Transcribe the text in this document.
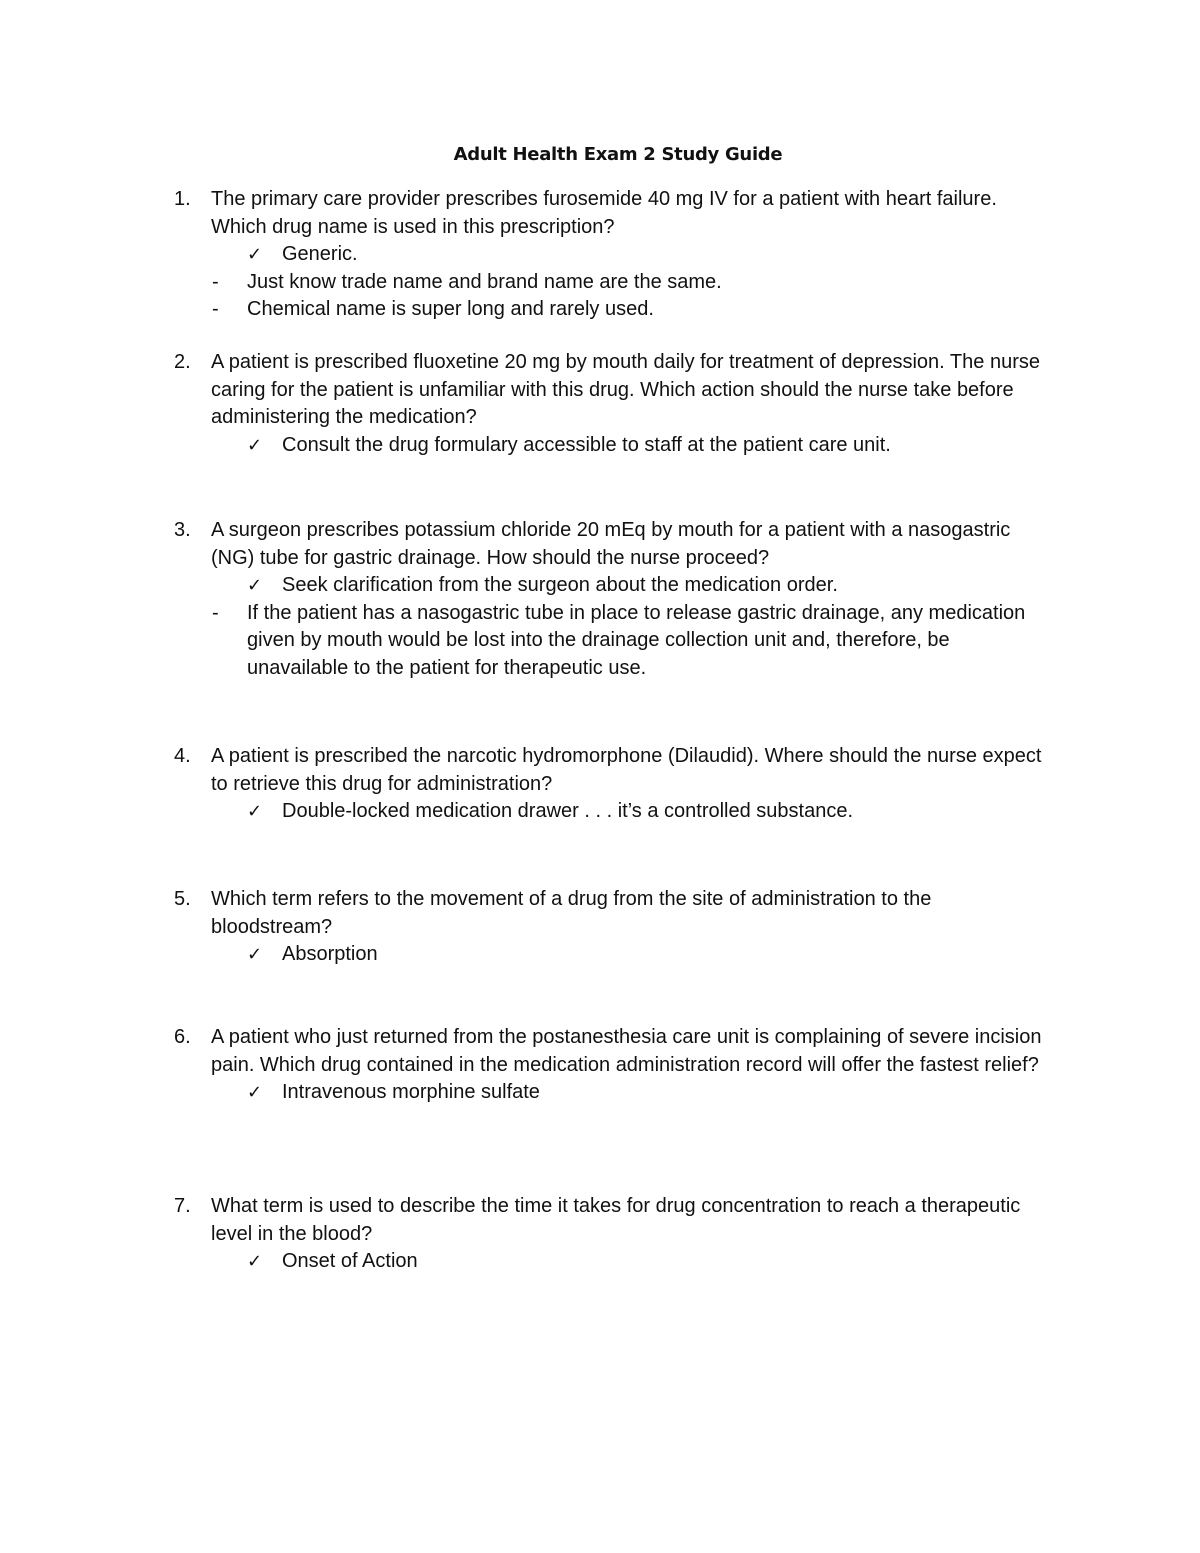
Adult Health Exam 2 Study Guide
1. The primary care provider prescribes furosemide 40 mg IV for a patient with heart failure. Which drug name is used in this prescription?
✓ Generic.
- Just know trade name and brand name are the same.
- Chemical name is super long and rarely used.
2. A patient is prescribed fluoxetine 20 mg by mouth daily for treatment of depression. The nurse caring for the patient is unfamiliar with this drug. Which action should the nurse take before administering the medication?
✓ Consult the drug formulary accessible to staff at the patient care unit.
3. A surgeon prescribes potassium chloride 20 mEq by mouth for a patient with a nasogastric (NG) tube for gastric drainage. How should the nurse proceed?
✓ Seek clarification from the surgeon about the medication order.
- If the patient has a nasogastric tube in place to release gastric drainage, any medication given by mouth would be lost into the drainage collection unit and, therefore, be unavailable to the patient for therapeutic use.
4. A patient is prescribed the narcotic hydromorphone (Dilaudid). Where should the nurse expect to retrieve this drug for administration?
✓ Double-locked medication drawer . . . it’s a controlled substance.
5. Which term refers to the movement of a drug from the site of administration to the bloodstream?
✓ Absorption
6. A patient who just returned from the postanesthesia care unit is complaining of severe incision pain. Which drug contained in the medication administration record will offer the fastest relief?
✓ Intravenous morphine sulfate
7. What term is used to describe the time it takes for drug concentration to reach a therapeutic level in the blood?
✓ Onset of Action
